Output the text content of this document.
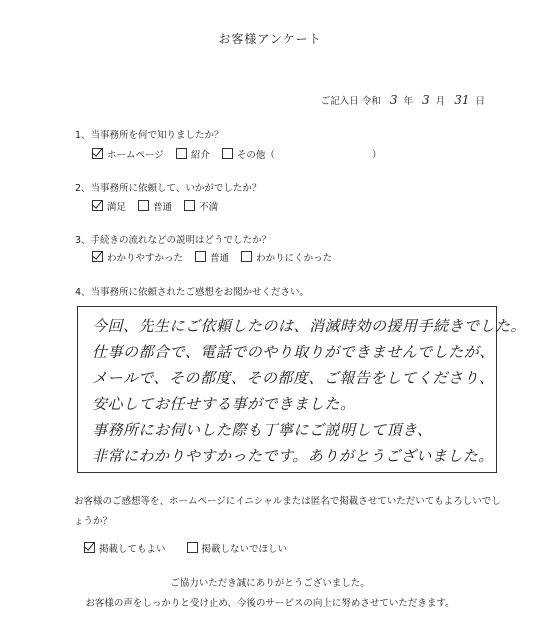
お客様アンケート
ご記入日 令和 3 年 3 月 31 日
1、当事務所を何で知りましたか？
ホームページ	紹介	その他（	）
2、当事務所に依頼して、いかがでしたか？
満足	普通	不満
3、手続きの流れなどの説明はどうでしたか？
わかりやすかった	普通	わかりにくかった
4、当事務所に依頼されたご感想をお聞かせください。
今回、先生にご依頼したのは、消滅時効の援用手続きでした。
仕事の都合で、電話でのやり取りができませんでしたが、
メールで、その都度、その都度、ご報告をしてくださり、
安心してお任せする事ができました。
事務所にお伺いした際も丁寧にご説明して頂き、
非常にわかりやすかったです。ありがとうございました。
お客様のご感想等を、ホームページにイニシャルまたは匿名で掲載させていただいてもよろしいでしょうか？
掲載してもよい	掲載しないでほしい
ご協力いただき誠にありがとうございました。
お客様の声をしっかりと受け止め、今後のサービスの向上に努めさせていただきます。
